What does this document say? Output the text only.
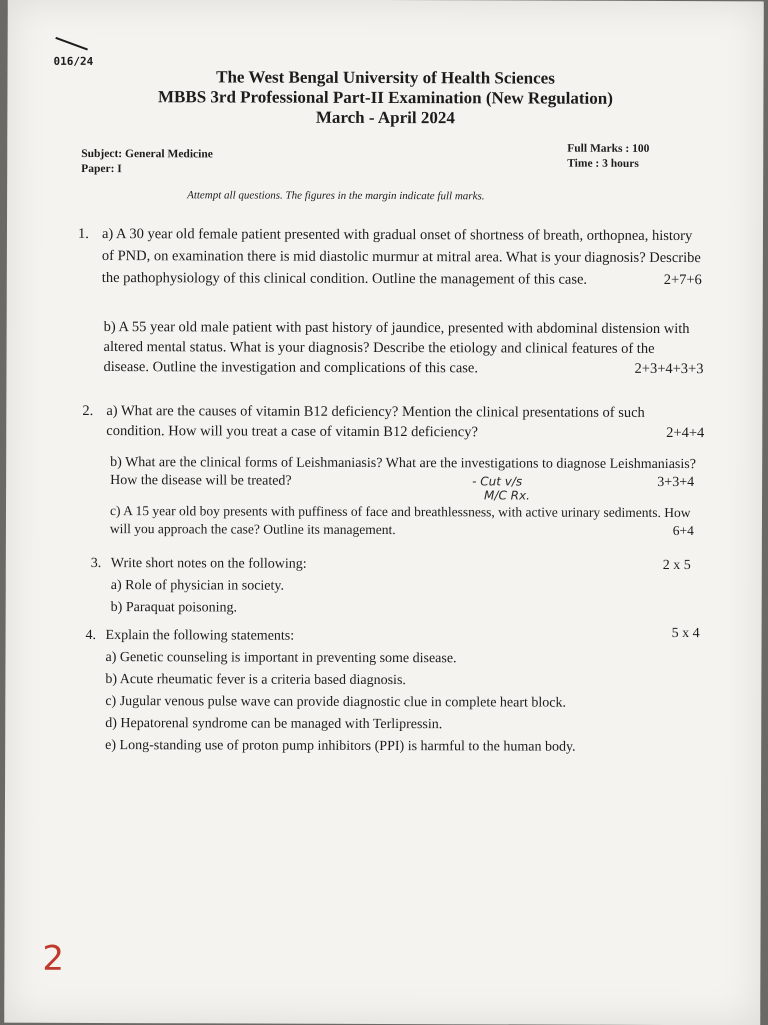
016/24
The West Bengal University of Health Sciences
MBBS 3rd Professional Part-II Examination (New Regulation)
March - April 2024
Subject: General Medicine
Paper: I
Full Marks : 100
Time : 3 hours
Attempt all questions. The figures in the margin indicate full marks.
1. a) A 30 year old female patient presented with gradual onset of shortness of breath, orthopnea, history of PND, on examination there is mid diastolic murmur at mitral area. What is your diagnosis? Describe the pathophysiology of this clinical condition. Outline the management of this case.	2+7+6
b) A 55 year old male patient with past history of jaundice, presented with abdominal distension with altered mental status. What is your diagnosis? Describe the etiology and clinical features of the disease. Outline the investigation and complications of this case.	2+3+4+3+3
2. a) What are the causes of vitamin B12 deficiency? Mention the clinical presentations of such condition. How will you treat a case of vitamin B12 deficiency?	2+4+4
b) What are the clinical forms of Leishmaniasis? What are the investigations to diagnose Leishmaniasis? How the disease will be treated?	3+3+4
c) A 15 year old boy presents with puffiness of face and breathlessness, with active urinary sediments. How will you approach the case? Outline its management.	6+4
3.	2 x 5
Write short notes on the following:
a) Role of physician in society.
b) Paraquat poisoning.
4.	5 x 4
Explain the following statements:
a) Genetic counseling is important in preventing some disease.
b) Acute rheumatic fever is a criteria based diagnosis.
c) Jugular venous pulse wave can provide diagnostic clue in complete heart block.
d) Hepatorenal syndrome can be managed with Terlipressin.
e) Long-standing use of proton pump inhibitors (PPI) is harmful to the human body.
- Cut v/s
M/C Rx.
2
